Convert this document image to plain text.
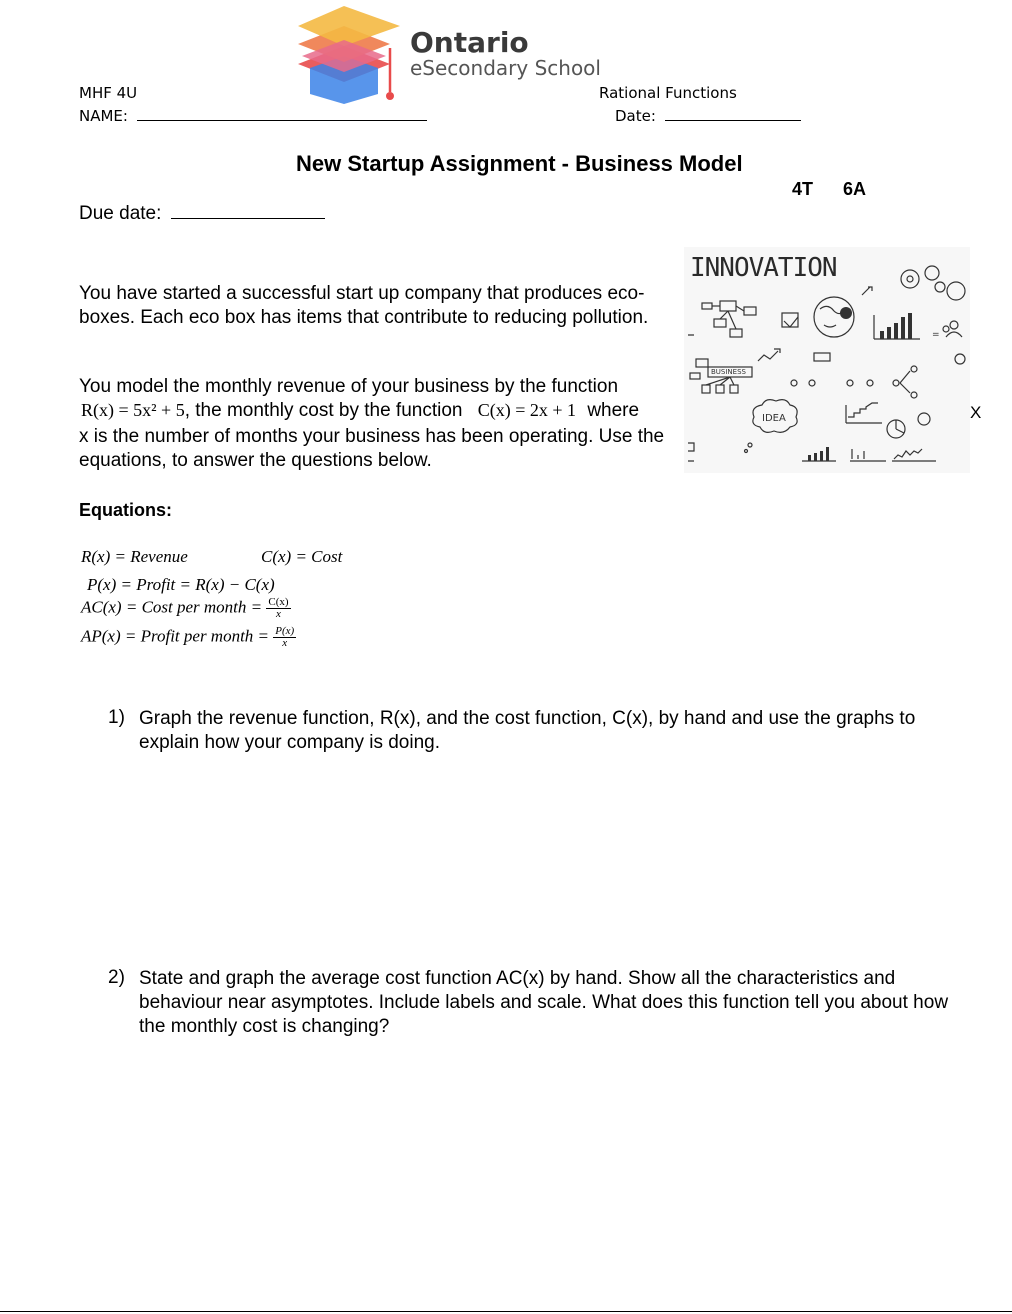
Ontario
eSecondary School
MHF 4U
NAME:
Rational Functions
Date:
New Startup Assignment - Business Model
4T 6A
Due date:
You have started a successful start up company that produces eco-boxes. Each eco box has items that contribute to reducing pollution.
You model the monthly revenue of your business by the function
R(x) = 5x² + 5, the monthly cost by the function C(x) = 2x + 1 where
x is the number of months your business has been operating. Use the equations, to answer the questions below.
INNOVATION
=
BUSINESS
IDEA	X
Equations:
R(x) = Revenue	C(x) = Cost
P(x) = Profit = R(x) − C(x)
AC(x) = Cost per month = $\frac{C(x)}{x}$
AP(x) = Profit per month = $\frac{P(x)}{x}$
1) Graph the revenue function, R(x), and the cost function, C(x), by hand and use the graphs to explain how your company is doing.
2) State and graph the average cost function AC(x) by hand. Show all the characteristics and behaviour near asymptotes. Include labels and scale. What does this function tell you about how the monthly cost is changing?
